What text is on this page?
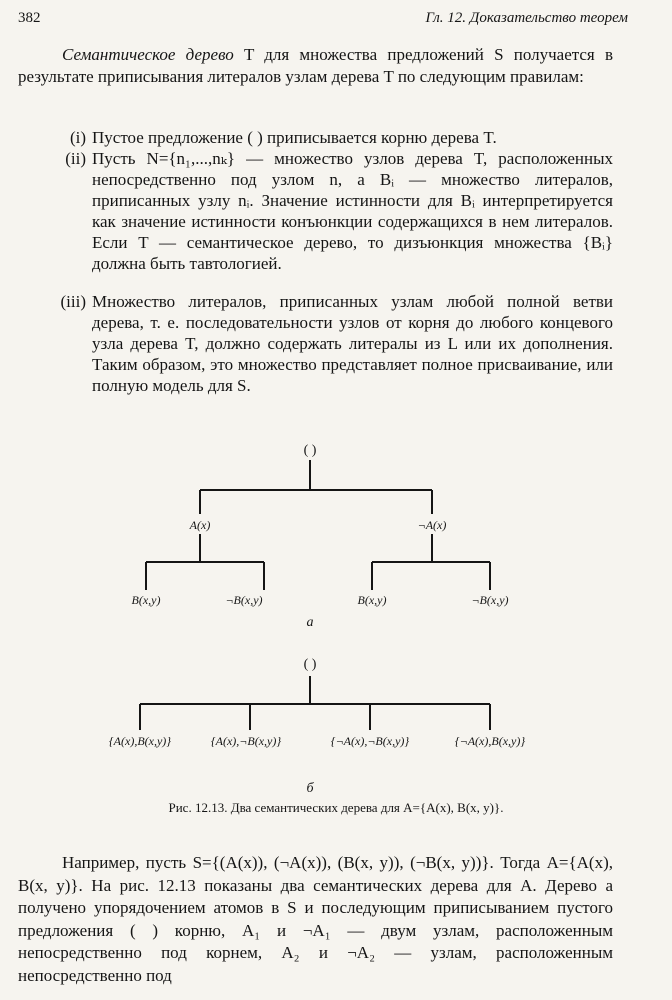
382	Гл. 12. Доказательство теорем

Семантическое дерево T для множества предложений S получается в результате приписывания литералов узлам дерева T по следующим правилам:

(i) Пустое предложение ( ) приписывается корню дерева T.
(ii) Пусть N={n₁,...,nₖ} — множество узлов дерева T, расположенных непосредственно под узлом n, а Bᵢ — множество литералов, приписанных узлу nᵢ. Значение истинности для Bᵢ интерпретируется как значение истинности конъюнкции содержащихся в нем литералов. Если T — семантическое дерево, то дизъюнкция множества {Bᵢ} должна быть тавтологией.
(iii) Множество литералов, приписанных узлам любой полной ветви дерева, т. е. последовательности узлов от корня до любого концевого узла дерева T, должно содержать литералы из L или их дополнения. Таким образом, это множество представляет полное присваивание, или полную модель для S.
( )
A(x)	¬A(x)
B(x,y)	¬B(x,y)	B(x,y)	¬B(x,y)
a
( )
{A(x),B(x,y)}	{A(x),¬B(x,y)}	{¬A(x),¬B(x,y)}	{¬A(x),B(x,y)}
б
Рис. 12.13. Два семантических дерева для A={A(x), B(x, y)}.

Например, пусть S={(A(x)), (¬A(x)), (B(x, y)), (¬B(x, y))}. Тогда A={A(x), B(x, y)}. На рис. 12.13 показаны два семантических дерева для A. Дерево a получено упорядочением атомов в S и последующим приписыванием пустого предложения ( ) корню, A₁ и ¬A₁ — двум узлам, расположенным непосредственно под корнем, A₂ и ¬A₂ — узлам, расположенным непосредственно под
